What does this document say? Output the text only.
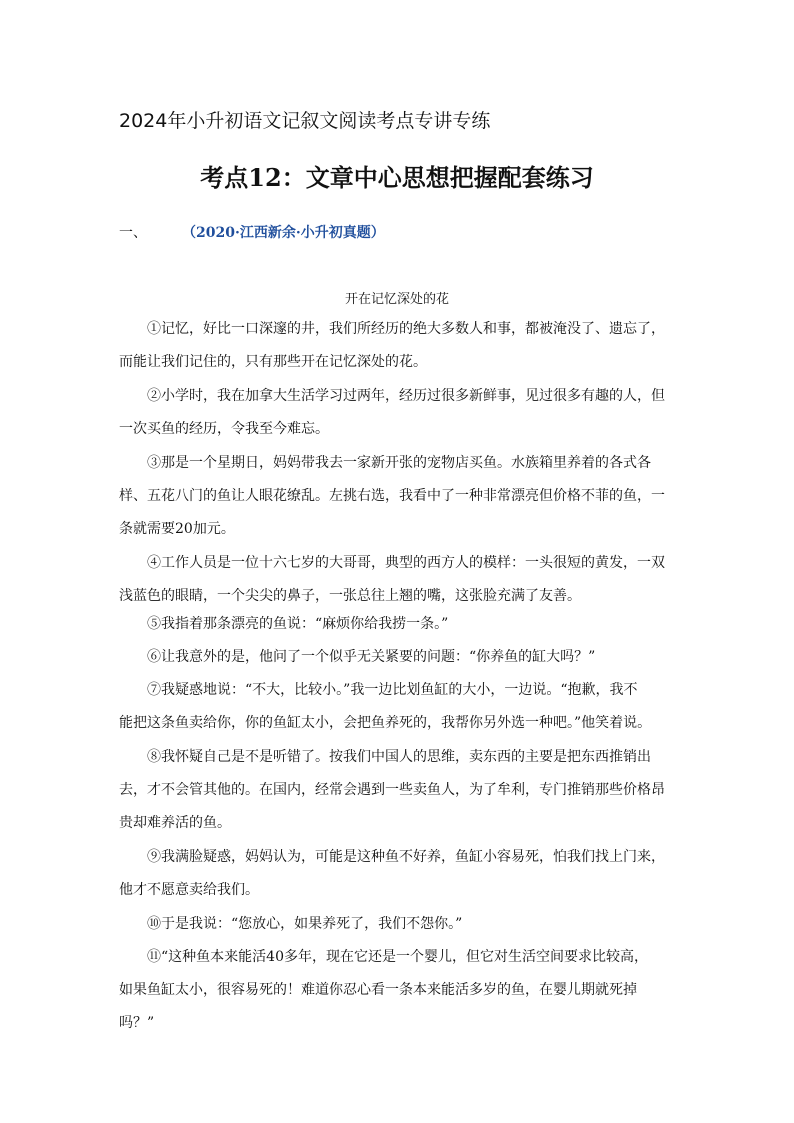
2024年小升初语文记叙文阅读考点专讲专练
考点12：文章中心思想把握配套练习
一、	（2020·江西新余·小升初真题）
开在记忆深处的花
　　①记忆，好比一口深邃的井，我们所经历的绝大多数人和事，都被淹没了、遗忘了，
而能让我们记住的，只有那些开在记忆深处的花。
　　②小学时，我在加拿大生活学习过两年，经历过很多新鲜事，见过很多有趣的人，但
一次买鱼的经历，令我至今难忘。
　　③那是一个星期日，妈妈带我去一家新开张的宠物店买鱼。水族箱里养着的各式各
样、五花八门的鱼让人眼花缭乱。左挑右选，我看中了一种非常漂亮但价格不菲的鱼，一
条就需要20加元。
　　④工作人员是一位十六七岁的大哥哥，典型的西方人的模样：一头很短的黄发，一双
浅蓝色的眼睛，一个尖尖的鼻子，一张总往上翘的嘴，这张脸充满了友善。
　　⑤我指着那条漂亮的鱼说：“麻烦你给我捞一条。”
　　⑥让我意外的是，他问了一个似乎无关紧要的问题：“你养鱼的缸大吗？”
　　⑦我疑惑地说：“不大，比较小。”我一边比划鱼缸的大小，一边说。“抱歉，我不
能把这条鱼卖给你，你的鱼缸太小，会把鱼养死的，我帮你另外选一种吧。”他笑着说。
　　⑧我怀疑自己是不是听错了。按我们中国人的思维，卖东西的主要是把东西推销出
去，才不会管其他的。在国内，经常会遇到一些卖鱼人，为了牟利，专门推销那些价格昂
贵却难养活的鱼。
　　⑨我满脸疑惑，妈妈认为，可能是这种鱼不好养，鱼缸小容易死，怕我们找上门来，
他才不愿意卖给我们。
　　⑩于是我说：“您放心，如果养死了，我们不怨你。”
　　⑪“这种鱼本来能活40多年，现在它还是一个婴儿，但它对生活空间要求比较高，
如果鱼缸太小，很容易死的！难道你忍心看一条本来能活多岁的鱼，在婴儿期就死掉
吗？”
